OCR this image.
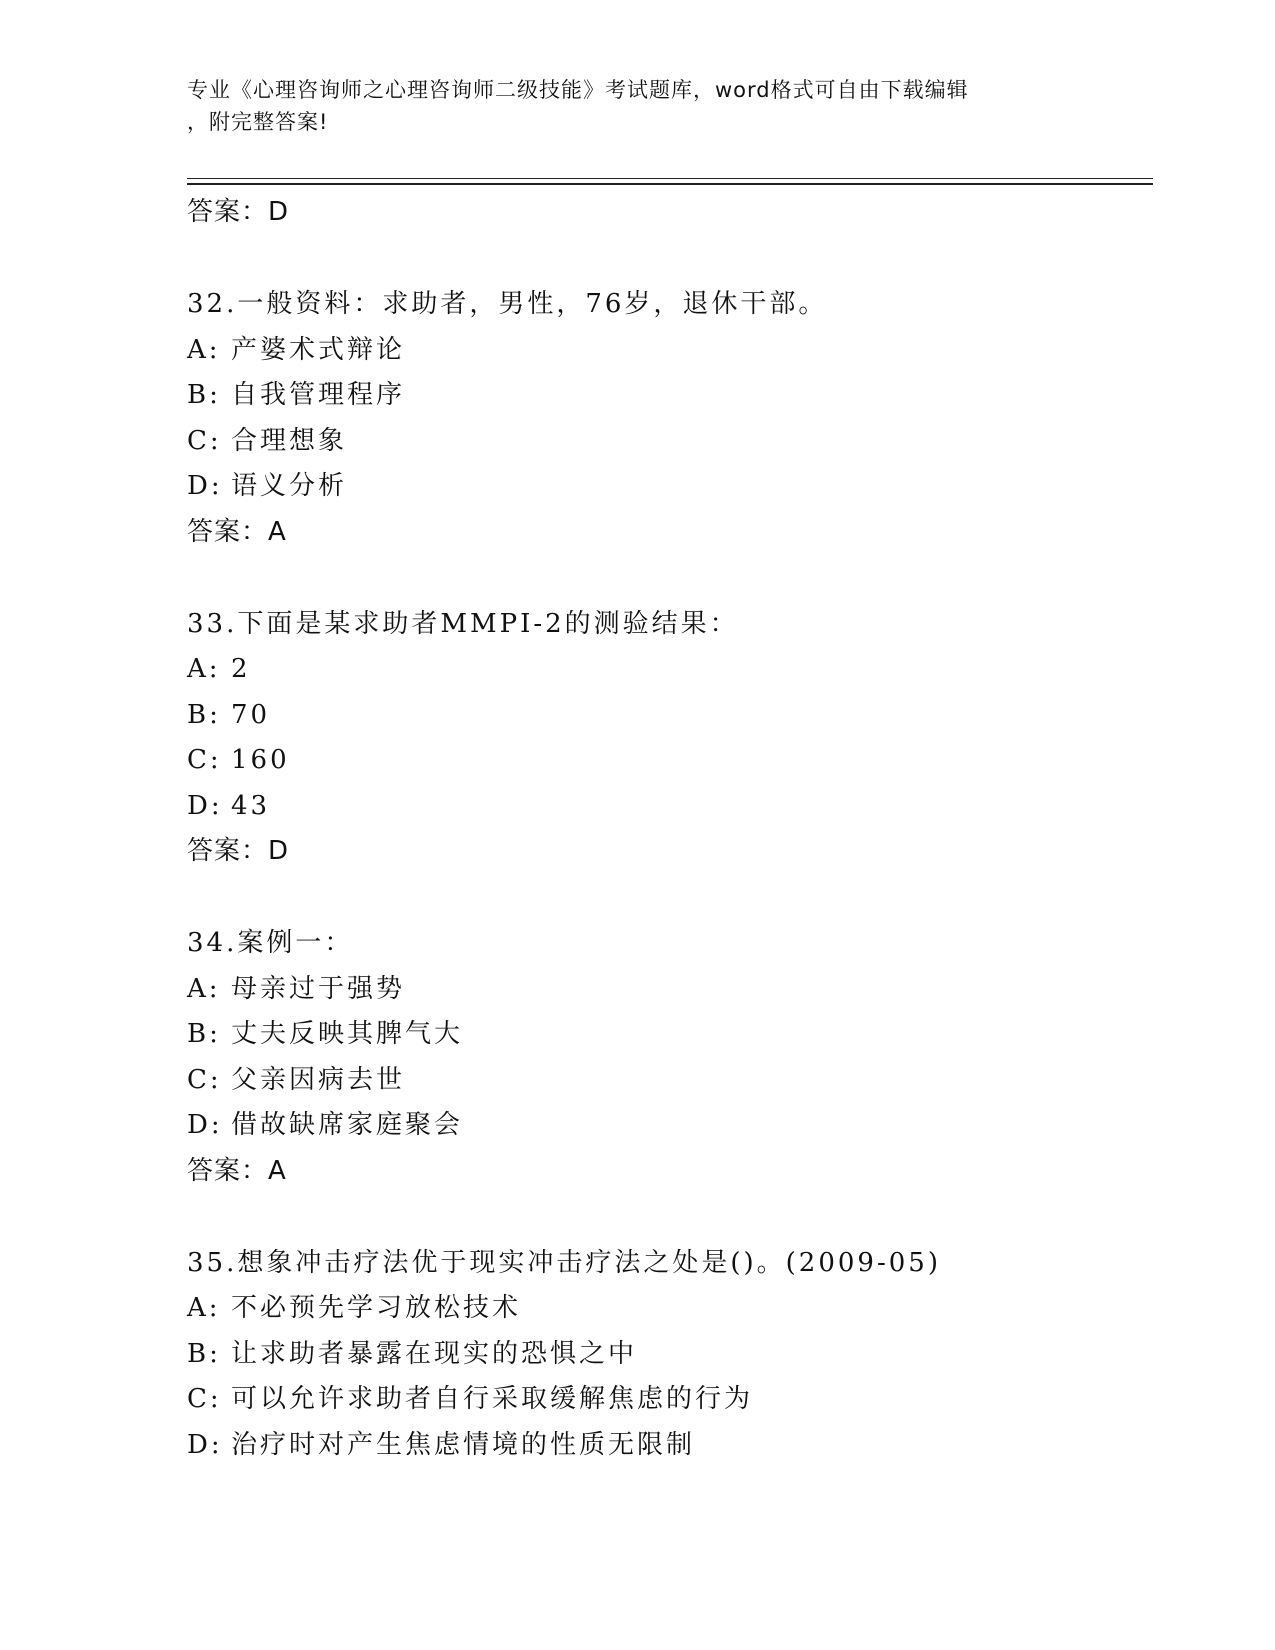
专业《心理咨询师之心理咨询师二级技能》考试题库，word格式可自由下载编辑
，附完整答案!
答案：D
32.一般资料：求助者，男性，76岁，退休干部。
A: 产婆术式辩论
B: 自我管理程序
C: 合理想象
D: 语义分析
答案：A
33.下面是某求助者MMPI-2的测验结果：
A: 2
B: 70
C: 160
D: 43
答案：D
34.案例一：
A: 母亲过于强势
B: 丈夫反映其脾气大
C: 父亲因病去世
D: 借故缺席家庭聚会
答案：A
35.想象冲击疗法优于现实冲击疗法之处是()。(2009-05)
A: 不必预先学习放松技术
B: 让求助者暴露在现实的恐惧之中
C: 可以允许求助者自行采取缓解焦虑的行为
D: 治疗时对产生焦虑情境的性质无限制
